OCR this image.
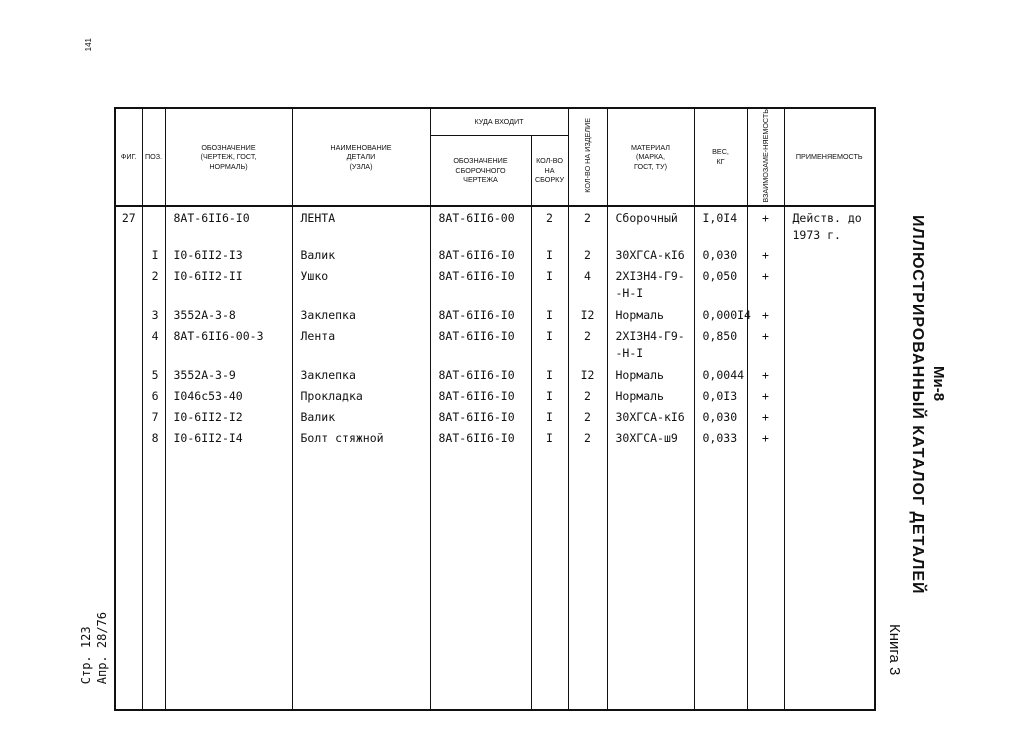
141
ФИГ.	ПОЗ.	ОБОЗНАЧЕНИЕ
(ЧЕРТЕЖ, ГОСТ,
НОРМАЛЬ)	НАИМЕНОВАНИЕ
ДЕТАЛИ
(УЗЛА)	КУДА ВХОДИТ		КОЛ-ВО НА ИЗДЕЛИЕ	МАТЕРИАЛ
(МАРКА,
ГОСТ, ТУ)	ВЕС,
КГ	ВЗАИМОЗАМЕ-НЯЕМОСТЬ	ПРИМЕНЯЕМОСТЬ

				ОБОЗНАЧЕНИЕ
СБОРОЧНОГО
ЧЕРТЕЖА	КОЛ-ВО
НА
СБОРКУ					

27		8АТ-6II6-I0	ЛЕНТА	8АТ-6II6-00	2	2	Сборочный	I,0I4	+	Действ. до
1973 г.

	I	I0-6II2-I3	Валик	8АТ-6II6-I0	I	2	30ХГСА-кI6	0,030	+	
	2	I0-6II2-II	Ушко	8АТ-6II6-I0	I	4	2ХI3Н4-Г9-
-Н-I	0,050	+	
	3	3552А-3-8	Заклепка	8АТ-6II6-I0	I	I2	Нормаль	0,000I4	+	
	4	8АТ-6II6-00-3	Лента	8АТ-6II6-I0	I	2	2ХI3Н4-Г9-
-Н-I	0,850	+	
	5	3552А-3-9	Заклепка	8АТ-6II6-I0	I	I2	Нормаль	0,0044	+	
	6	I046с53-40	Прокладка	8АТ-6II6-I0	I	2	Нормаль	0,0I3	+	
	7	I0-6II2-I2	Валик	8АТ-6II6-I0	I	2	30ХГСА-кI6	0,030	+	
	8	I0-6II2-I4	Болт стяжной	8АТ-6II6-I0	I	2	30ХГСА-ш9	0,033	+	
											ИЛЛЮСТРИРОВАННЫЙ КАТАЛОГ ДЕТАЛЕЙ Ми-8
Книга 3
Стр. 123 Апр. 28/76
